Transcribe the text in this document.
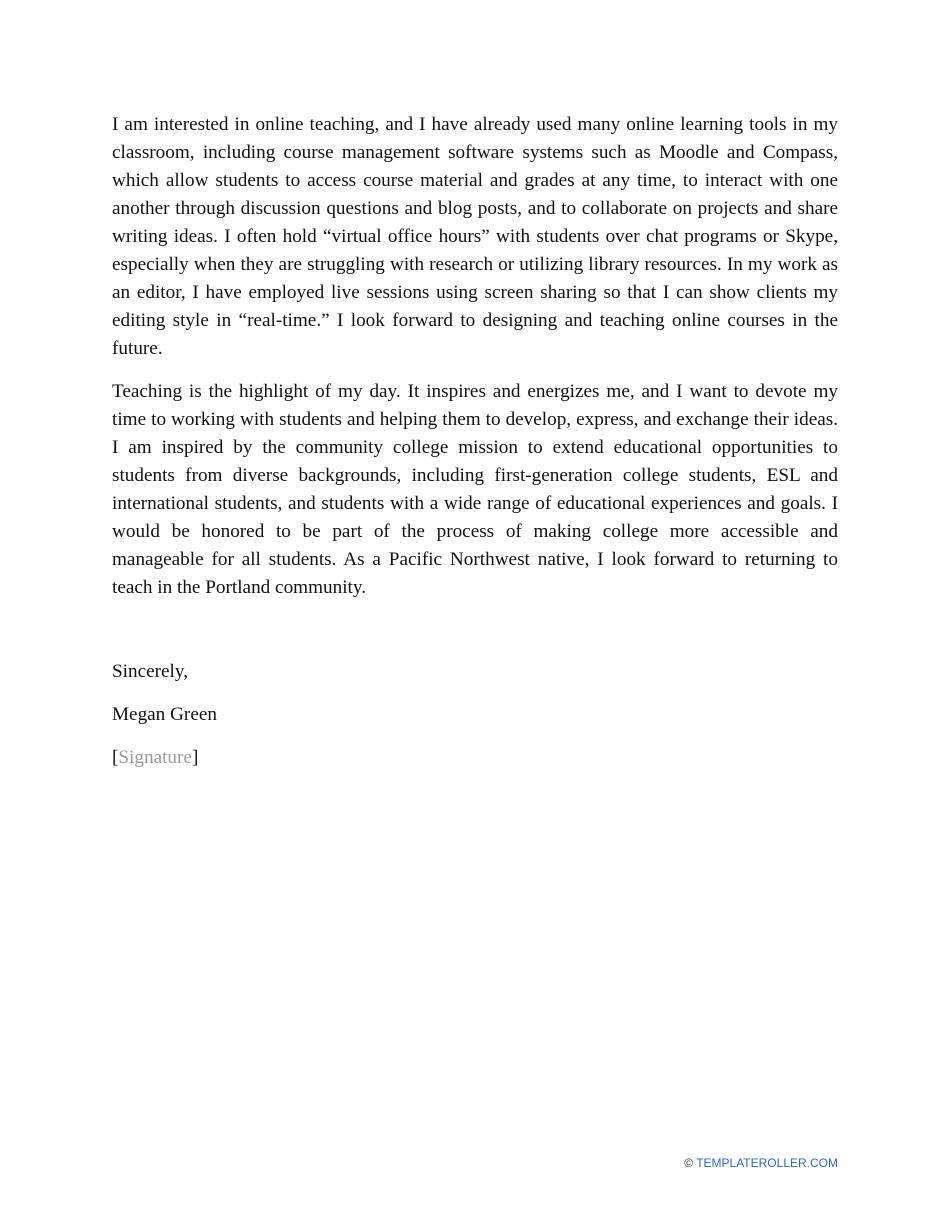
I am interested in online teaching, and I have already used many online learning tools in my classroom, including course management software systems such as Moodle and Compass, which allow students to access course material and grades at any time, to interact with one another through discussion questions and blog posts, and to collaborate on projects and share writing ideas. I often hold “virtual office hours” with students over chat programs or Skype, especially when they are struggling with research or utilizing library resources. In my work as an editor, I have employed live sessions using screen sharing so that I can show clients my editing style in “real-time.” I look forward to designing and teaching online courses in the future.

Teaching is the highlight of my day. It inspires and energizes me, and I want to devote my time to working with students and helping them to develop, express, and exchange their ideas. I am inspired by the community college mission to extend educational opportunities to students from diverse backgrounds, including first-generation college students, ESL and international students, and students with a wide range of educational experiences and goals. I would be honored to be part of the process of making college more accessible and manageable for all students. As a Pacific Northwest native, I look forward to returning to teach in the Portland community.

Sincerely,

Megan Green

[Signature]

© TEMPLATEROLLER.COM
